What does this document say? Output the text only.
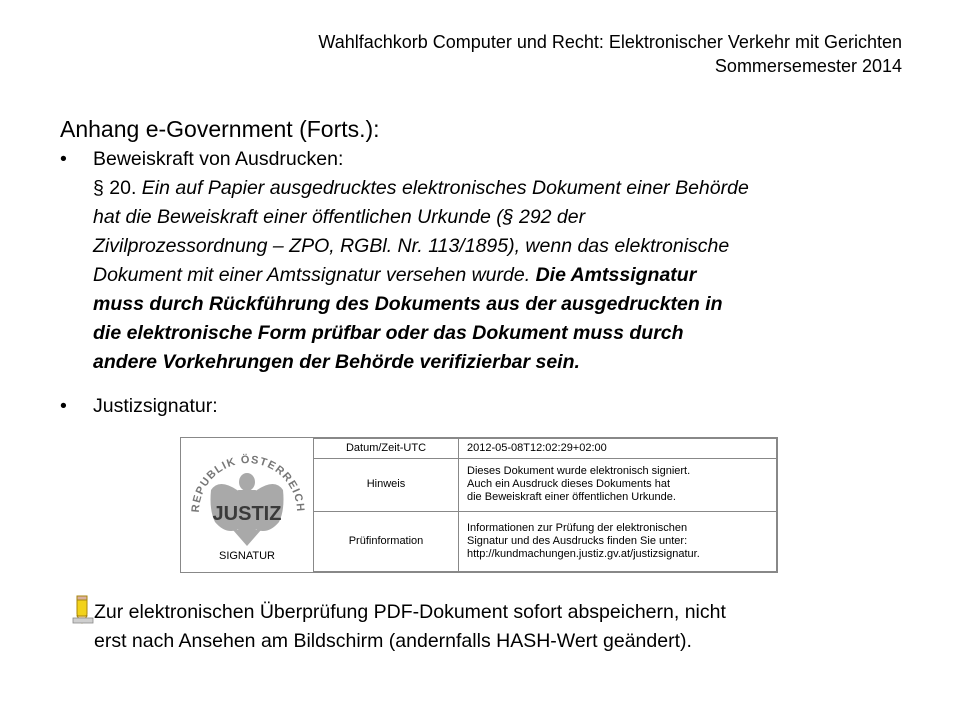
Wahlfachkorb Computer und Recht: Elektronischer Verkehr mit Gerichten
Sommersemester 2014
Anhang e-Government (Forts.):
• Beweiskraft von Ausdrucken:
§ 20. Ein auf Papier ausgedrucktes elektronisches Dokument einer Behörde
hat die Beweiskraft einer öffentlichen Urkunde (§ 292 der
Zivilprozessordnung – ZPO, RGBl. Nr. 113/1895), wenn das elektronische
Dokument mit einer Amtssignatur versehen wurde. Die Amtssignatur
muss durch Rückführung des Dokuments aus der ausgedruckten in
die elektronische Form prüfbar oder das Dokument muss durch
andere Vorkehrungen der Behörde verifizierbar sein.
• Justizsignatur:
REPUBLIK ÖSTERREICH
JUSTIZ
SIGNATUR
Datum/Zeit-UTC	2012-05-08T12:02:29+02:00

Hinweis	Dieses Dokument wurde elektronisch signiert.
Auch ein Ausdruck dieses Dokuments hat
die Beweiskraft einer öffentlichen Urkunde.

Prüfinformation	Informationen zur Prüfung der elektronischen
Signatur und des Ausdrucks finden Sie unter:
http://kundmachungen.justiz.gv.at/justizsignatur.
Zur elektronischen Überprüfung PDF-Dokument sofort abspeichern, nicht
erst nach Ansehen am Bildschirm (andernfalls HASH-Wert geändert).
